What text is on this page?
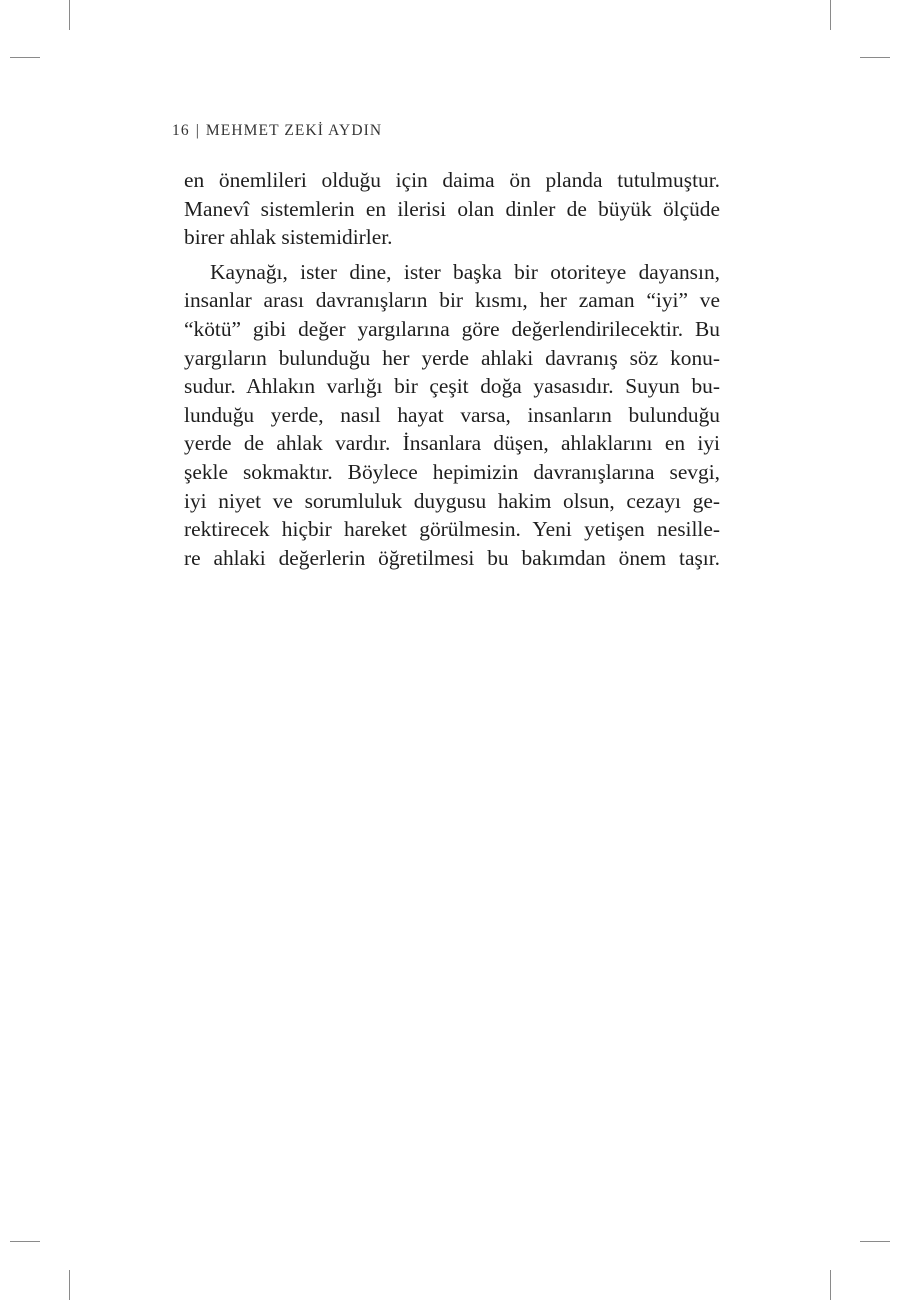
16 | MEHMET ZEKİ AYDIN
en önemlileri olduğu için daima ön planda tutulmuştur.
Manevî sistemlerin en ilerisi olan dinler de büyük ölçüde
birer ahlak sistemidirler.
Kaynağı, ister dine, ister başka bir otoriteye dayansın,
insanlar arası davranışların bir kısmı, her zaman “iyi” ve
“kötü” gibi değer yargılarına göre değerlendirilecektir. Bu
yargıların bulunduğu her yerde ahlaki davranış söz konu-
sudur. Ahlakın varlığı bir çeşit doğa yasasıdır. Suyun bu-
lunduğu yerde, nasıl hayat varsa, insanların bulunduğu
yerde de ahlak vardır. İnsanlara düşen, ahlaklarını en iyi
şekle sokmaktır. Böylece hepimizin davranışlarına sevgi,
iyi niyet ve sorumluluk duygusu hakim olsun, cezayı ge-
rektirecek hiçbir hareket görülmesin. Yeni yetişen nesille-
re ahlaki değerlerin öğretilmesi bu bakımdan önem taşır.
